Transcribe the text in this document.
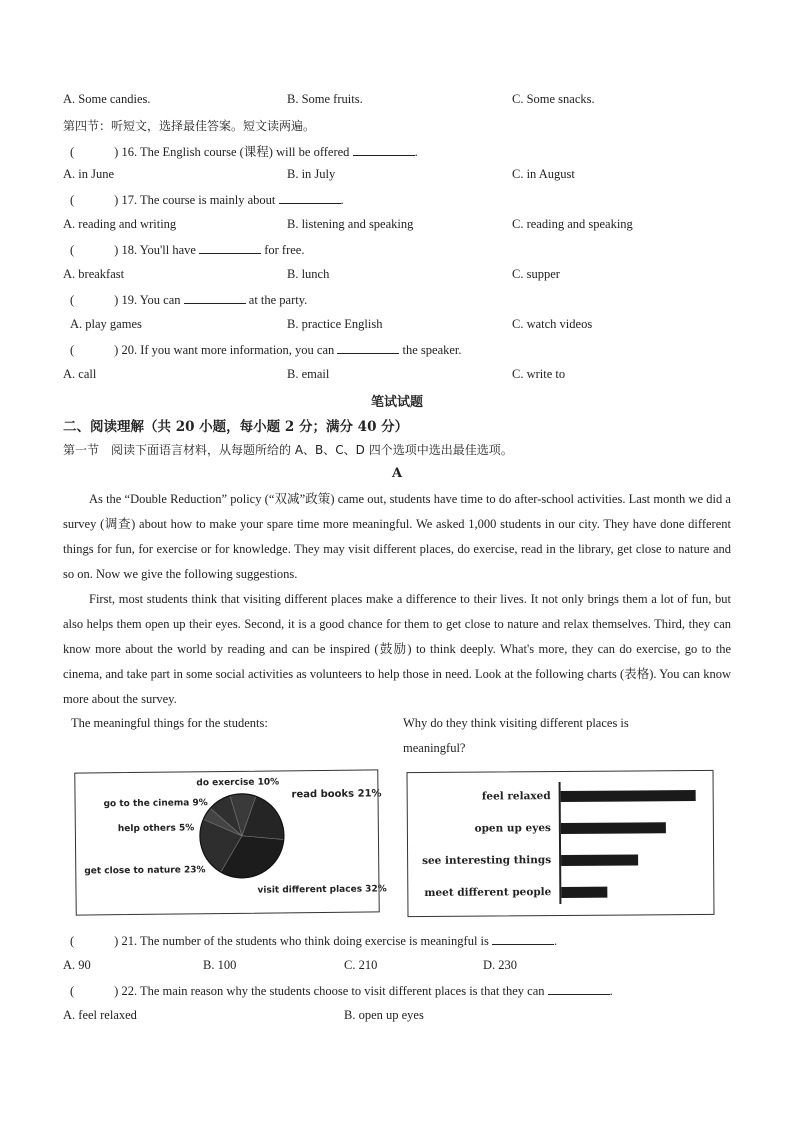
A. Some candies.	B. Some fruits.	C. Some snacks.
第四节：听短文，选择最佳答案。短文读两遍。
(	) 16. The English course (课程) will be offered	.
A. in June	B. in July	C. in August
(	) 17. The course is mainly about	.
A. reading and writing	B. listening and speaking	C. reading and speaking
(	) 18. You'll have	for free.
A. breakfast	B. lunch	C. supper
(	) 19. You can	at the party.
A. play games	B. practice English	C. watch videos
(	) 20. If you want more information, you can	the speaker.
A. call	B. email	C. write to
笔试试题
二、阅读理解（共 20 小题，每小题 2 分；满分 40 分）
第一节　阅读下面语言材料，从每题所给的 A、B、C、D 四个选项中选出最佳选项。
A
As the “Double Reduction” policy (“双减”政策) came out, students have time to do after-school activities. Last month we did a survey (调查) about how to make your spare time more meaningful. We asked 1,000 students in our city. They have done different things for fun, for exercise or for knowledge. They may visit different places, do exercise, read in the library, get close to nature and so on. Now we give the following suggestions.
First, most students think that visiting different places make a difference to their lives. It not only brings them a lot of fun, but also helps them open up their eyes. Second, it is a good chance for them to get close to nature and relax themselves. Third, they can know more about the world by reading and can be inspired (鼓励) to think deeply. What's more, they can do exercise, go to the cinema, and take part in some social activities as volunteers to help those in need. Look at the following charts (表格). You can know more about the survey.
The meaningful things for the students:	Why do they think visiting different places is
meaningful?
do exercise 10%
read books 21%
go to the cinema 9%
help others 5%
get close to nature 23%
visit different places 32%
feel relaxed
open up eyes
see interesting things
meet different people
(	) 21. The number of the students who think doing exercise is meaningful is	.
A. 90	B. 100	C. 210	D. 230
(	) 22. The main reason why the students choose to visit different places is that they can	.
A. feel relaxed	B. open up eyes
